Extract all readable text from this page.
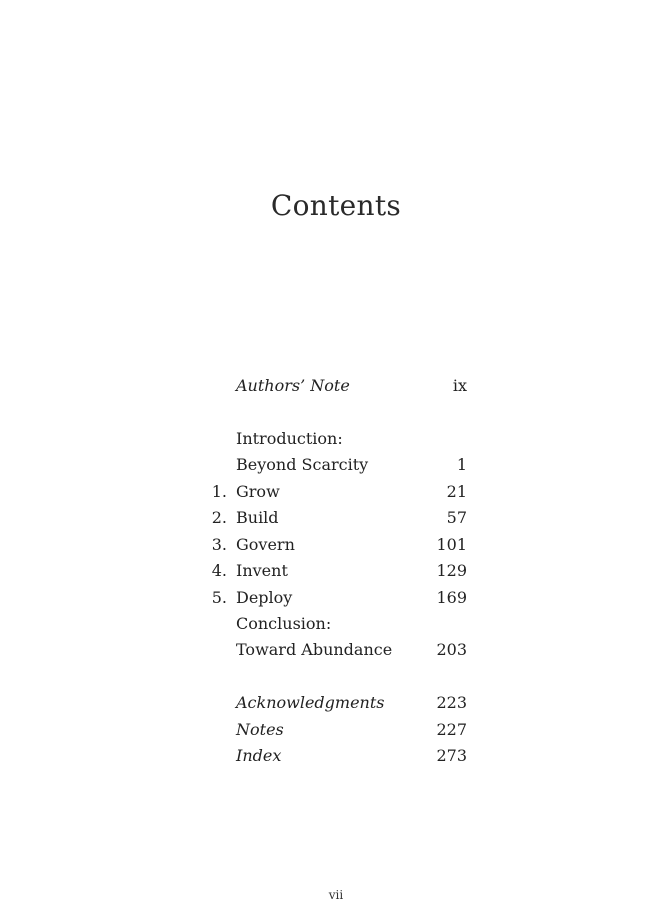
Contents
Authors’ Note	ix
Introduction:
Beyond Scarcity	1
1. Grow	21
2. Build	57
3. Govern	101
4. Invent	129
5. Deploy	169
Conclusion:
Toward Abundance	203
Acknowledgments	223
Notes	227
Index	273
vii
